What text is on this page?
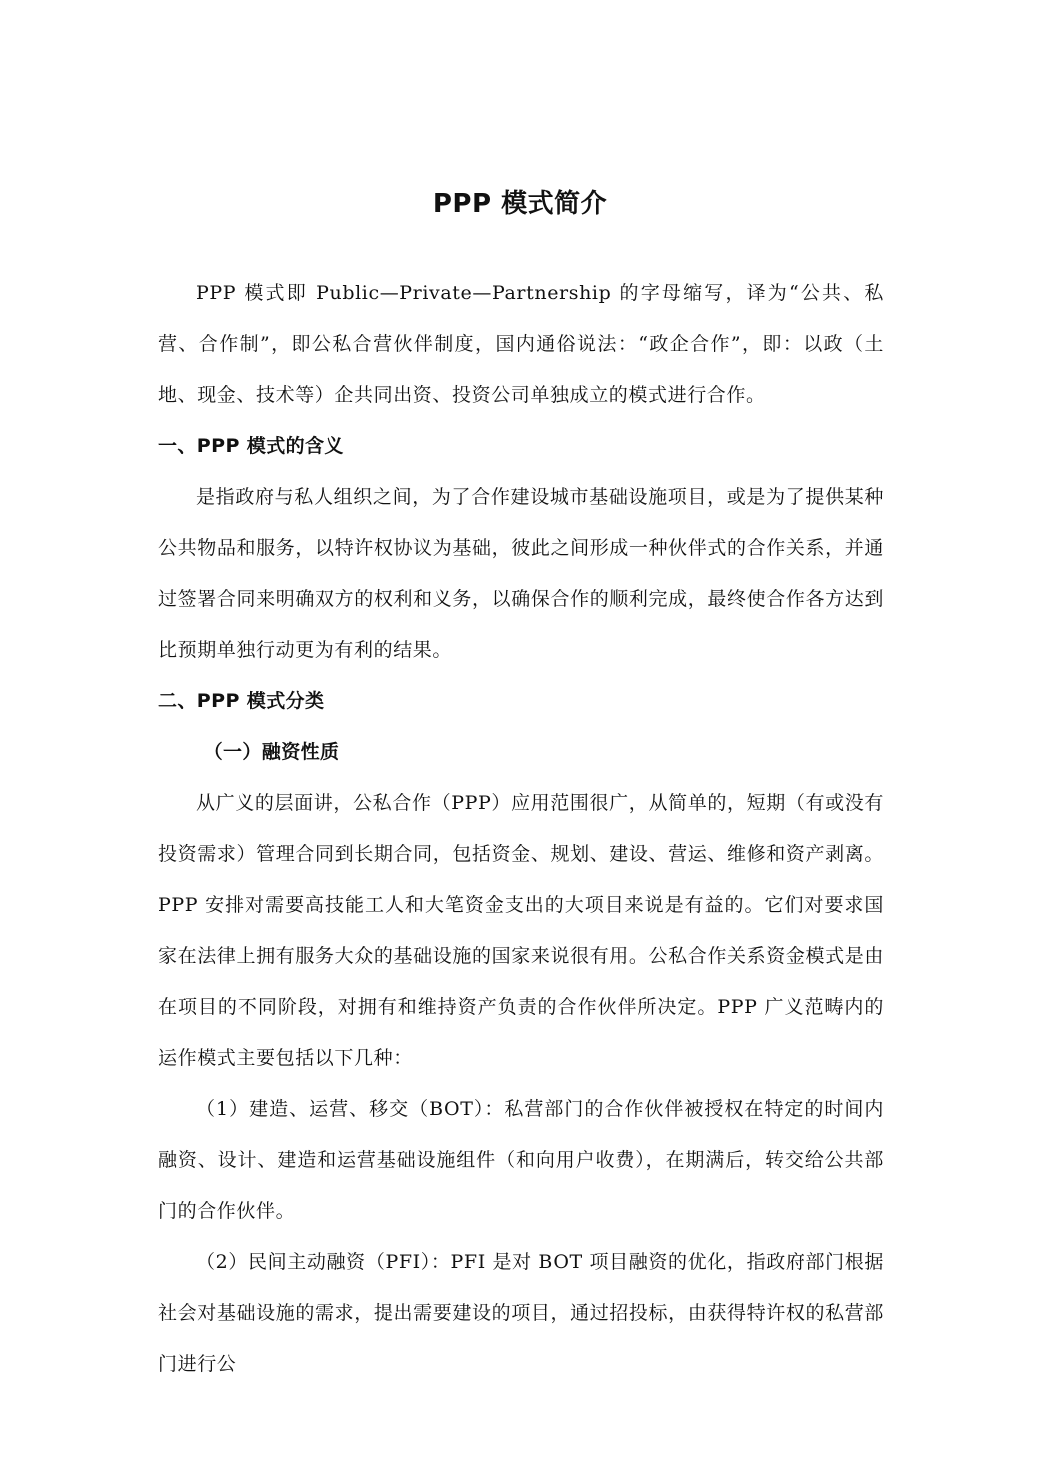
PPP 模式简介

PPP 模式即 Public—Private—Partnership 的字母缩写，译为“公共、私营、合作制”，即公私合营伙伴制度，国内通俗说法：“政企合作”，即：以政（土地、现金、技术等）企共同出资、投资公司单独成立的模式进行合作。

一、PPP 模式的含义

是指政府与私人组织之间，为了合作建设城市基础设施项目，或是为了提供某种公共物品和服务，以特许权协议为基础，彼此之间形成一种伙伴式的合作关系，并通过签署合同来明确双方的权利和义务，以确保合作的顺利完成，最终使合作各方达到比预期单独行动更为有利的结果。

二、PPP 模式分类

（一）融资性质

从广义的层面讲，公私合作（PPP）应用范围很广，从简单的，短期（有或没有投资需求）管理合同到长期合同，包括资金、规划、建设、营运、维修和资产剥离。PPP 安排对需要高技能工人和大笔资金支出的大项目来说是有益的。它们对要求国家在法律上拥有服务大众的基础设施的国家来说很有用。公私合作关系资金模式是由在项目的不同阶段，对拥有和维持资产负责的合作伙伴所决定。PPP 广义范畴内的运作模式主要包括以下几种：

（1）建造、运营、移交（BOT）：私营部门的合作伙伴被授权在特定的时间内融资、设计、建造和运营基础设施组件（和向用户收费），在期满后，转交给公共部门的合作伙伴。

（2）民间主动融资（PFI）：PFI 是对 BOT 项目融资的优化，指政府部门根据社会对基础设施的需求，提出需要建设的项目，通过招投标，由获得特许权的私营部门进行公
